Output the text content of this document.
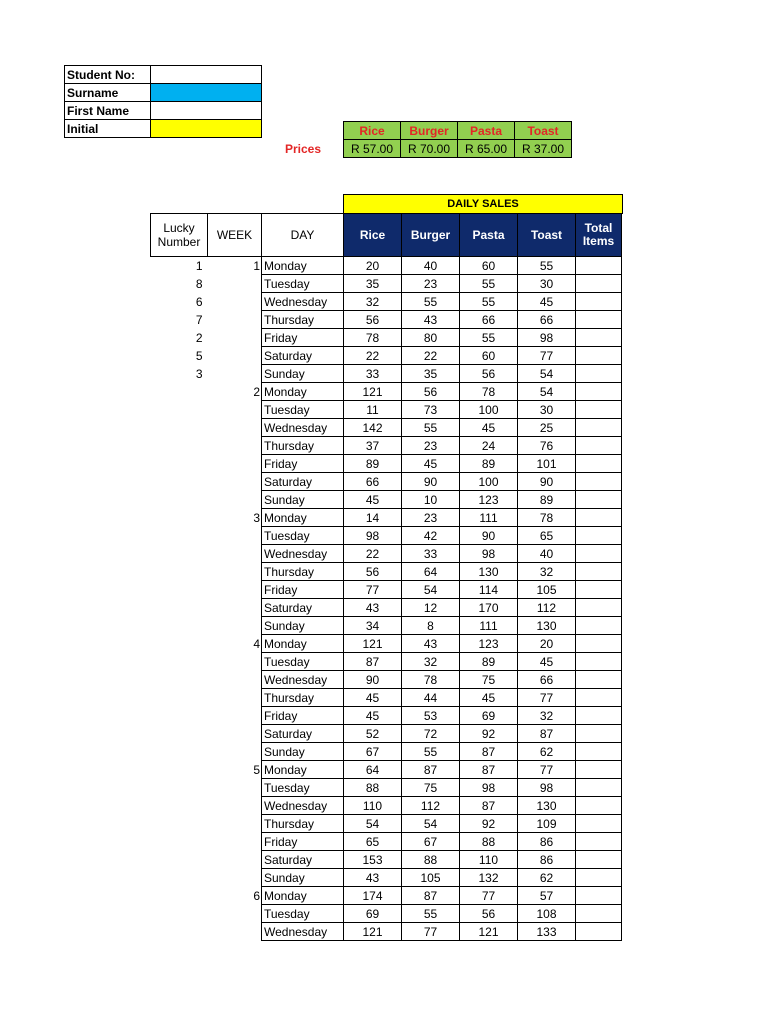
Student No:	
Surname	
First Name	
Initial	
Prices
Rice	Burger	Pasta	Toast
R 57.00	R 70.00	R 65.00	R 37.00
DAILY SALES
Lucky Number	WEEK	DAY	Rice	Burger	Pasta	Toast	Total Items
1	1	Monday	20	40	60	55	
8		Tuesday	35	23	55	30	
6		Wednesday	32	55	55	45	
7		Thursday	56	43	66	66	
2		Friday	78	80	55	98	
5		Saturday	22	22	60	77	
3		Sunday	33	35	56	54	
	2	Monday	121	56	78	54	
		Tuesday	11	73	100	30	
		Wednesday	142	55	45	25	
		Thursday	37	23	24	76	
		Friday	89	45	89	101	
		Saturday	66	90	100	90	
		Sunday	45	10	123	89	
	3	Monday	14	23	111	78	
		Tuesday	98	42	90	65	
		Wednesday	22	33	98	40	
		Thursday	56	64	130	32	
		Friday	77	54	114	105	
		Saturday	43	12	170	112	
		Sunday	34	8	111	130	
	4	Monday	121	43	123	20	
		Tuesday	87	32	89	45	
		Wednesday	90	78	75	66	
		Thursday	45	44	45	77	
		Friday	45	53	69	32	
		Saturday	52	72	92	87	
		Sunday	67	55	87	62	
	5	Monday	64	87	87	77	
		Tuesday	88	75	98	98	
		Wednesday	110	112	87	130	
		Thursday	54	54	92	109	
		Friday	65	67	88	86	
		Saturday	153	88	110	86	
		Sunday	43	105	132	62	
	6	Monday	174	87	77	57	
		Tuesday	69	55	56	108	
		Wednesday	121	77	121	133	
